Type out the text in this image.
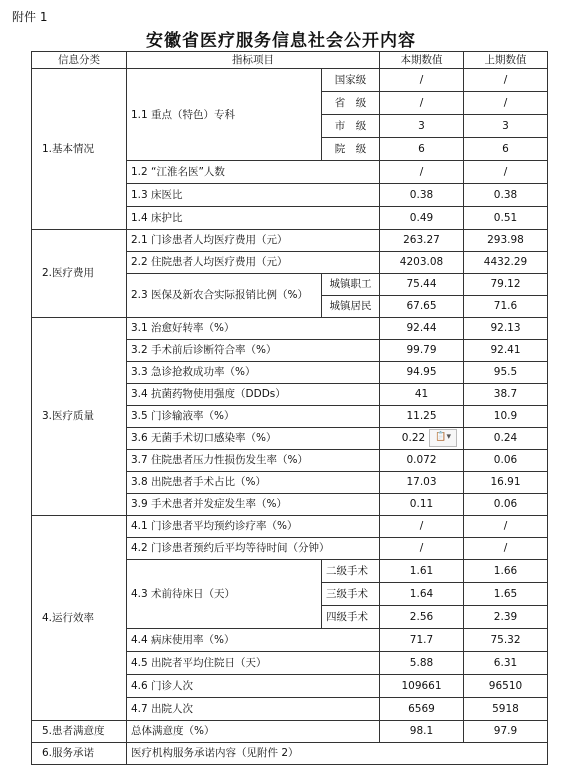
附件 1
安徽省医疗服务信息社会公开内容
信息分类	指标项目		本期数值	上期数值
1.基本情况	1.1 重点（特色）专科	国家级	/	/
		省　级	/	/
		市　级	3	3
		院　级	6	6
	1.2 “江淮名医”人数		/	/
	1.3 床医比		0.38	0.38
	1.4 床护比		0.49	0.51
2.医疗费用	2.1 门诊患者人均医疗费用（元）		263.27	293.98
	2.2 住院患者人均医疗费用（元）		4203.08	4432.29
	2.3 医保及新农合实际报销比例（%）	城镇职工	75.44	79.12
		城镇居民	67.65	71.6
3.医疗质量	3.1 治愈好转率（%）		92.44	92.13
	3.2 手术前后诊断符合率（%）		99.79	92.41
	3.3 急诊抢救成功率（%）		94.95	95.5
	3.4 抗菌药物使用强度（DDDs）		41	38.7
	3.5 门诊输液率（%）		11.25	10.9
	3.6 无菌手术切口感染率（%）		0.22 📋▾	0.24
	3.7 住院患者压力性损伤发生率（%）		0.072	0.06
	3.8 出院患者手术占比（%）		17.03	16.91
	3.9 手术患者并发症发生率（%）		0.11	0.06
4.运行效率	4.1 门诊患者平均预约诊疗率（%）		/	/
	4.2 门诊患者预约后平均等待时间（分钟）		/	/
	4.3 术前待床日（天）	二级手术	1.61	1.66
		三级手术	1.64	1.65
		四级手术	2.56	2.39
	4.4 病床使用率（%）		71.7	75.32
	4.5 出院者平均住院日（天）		5.88	6.31
	4.6 门诊人次		109661	96510
	4.7 出院人次		6569	5918
5.患者满意度	总体满意度（%）		98.1	97.9
6.服务承诺	医疗机构服务承诺内容（见附件 2）			
